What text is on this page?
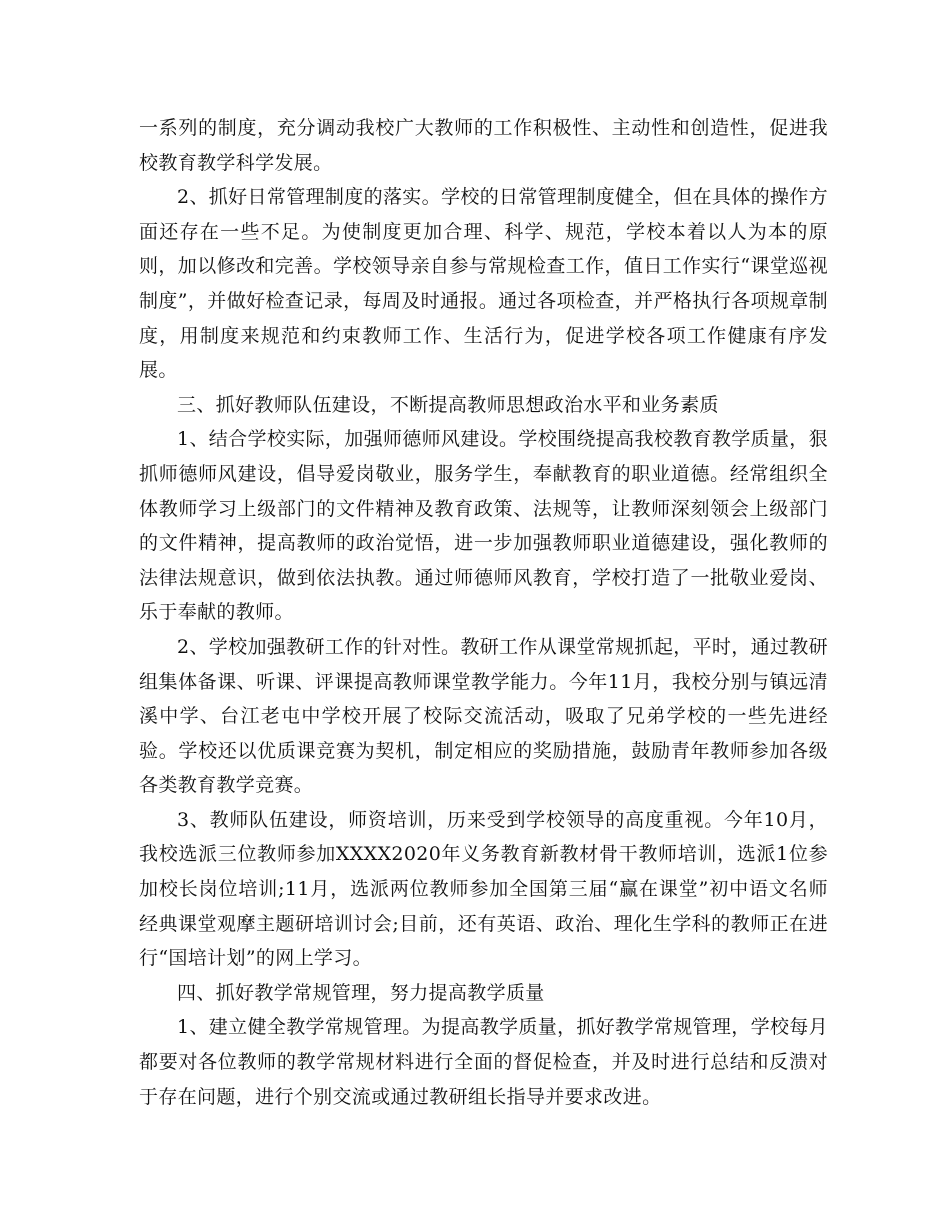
一系列的制度，充分调动我校广大教师的工作积极性、主动性和创造性，促进我校教育教学科学发展。

2、抓好日常管理制度的落实。学校的日常管理制度健全，但在具体的操作方面还存在一些不足。为使制度更加合理、科学、规范，学校本着以人为本的原则，加以修改和完善。学校领导亲自参与常规检查工作，值日工作实行“课堂巡视制度”，并做好检查记录，每周及时通报。通过各项检查，并严格执行各项规章制度，用制度来规范和约束教师工作、生活行为，促进学校各项工作健康有序发展。

三、抓好教师队伍建设，不断提高教师思想政治水平和业务素质

1、结合学校实际，加强师德师风建设。学校围绕提高我校教育教学质量，狠抓师德师风建设，倡导爱岗敬业，服务学生，奉献教育的职业道德。经常组织全体教师学习上级部门的文件精神及教育政策、法规等，让教师深刻领会上级部门的文件精神，提高教师的政治觉悟，进一步加强教师职业道德建设，强化教师的法律法规意识，做到依法执教。通过师德师风教育，学校打造了一批敬业爱岗、乐于奉献的教师。

2、学校加强教研工作的针对性。教研工作从课堂常规抓起，平时，通过教研组集体备课、听课、评课提高教师课堂教学能力。今年11月，我校分别与镇远清溪中学、台江老屯中学校开展了校际交流活动，吸取了兄弟学校的一些先进经验。学校还以优质课竞赛为契机，制定相应的奖励措施，鼓励青年教师参加各级各类教育教学竞赛。

3、教师队伍建设，师资培训，历来受到学校领导的高度重视。今年10月，我校选派三位教师参加XXXX2020年义务教育新教材骨干教师培训，选派1位参加校长岗位培训;11月，选派两位教师参加全国第三届“赢在课堂”初中语文名师经典课堂观摩主题研培训讨会;目前，还有英语、政治、理化生学科的教师正在进行“国培计划”的网上学习。

四、抓好教学常规管理，努力提高教学质量

1、建立健全教学常规管理。为提高教学质量，抓好教学常规管理，学校每月都要对各位教师的教学常规材料进行全面的督促检查，并及时进行总结和反溃对于存在问题，进行个别交流或通过教研组长指导并要求改进。
